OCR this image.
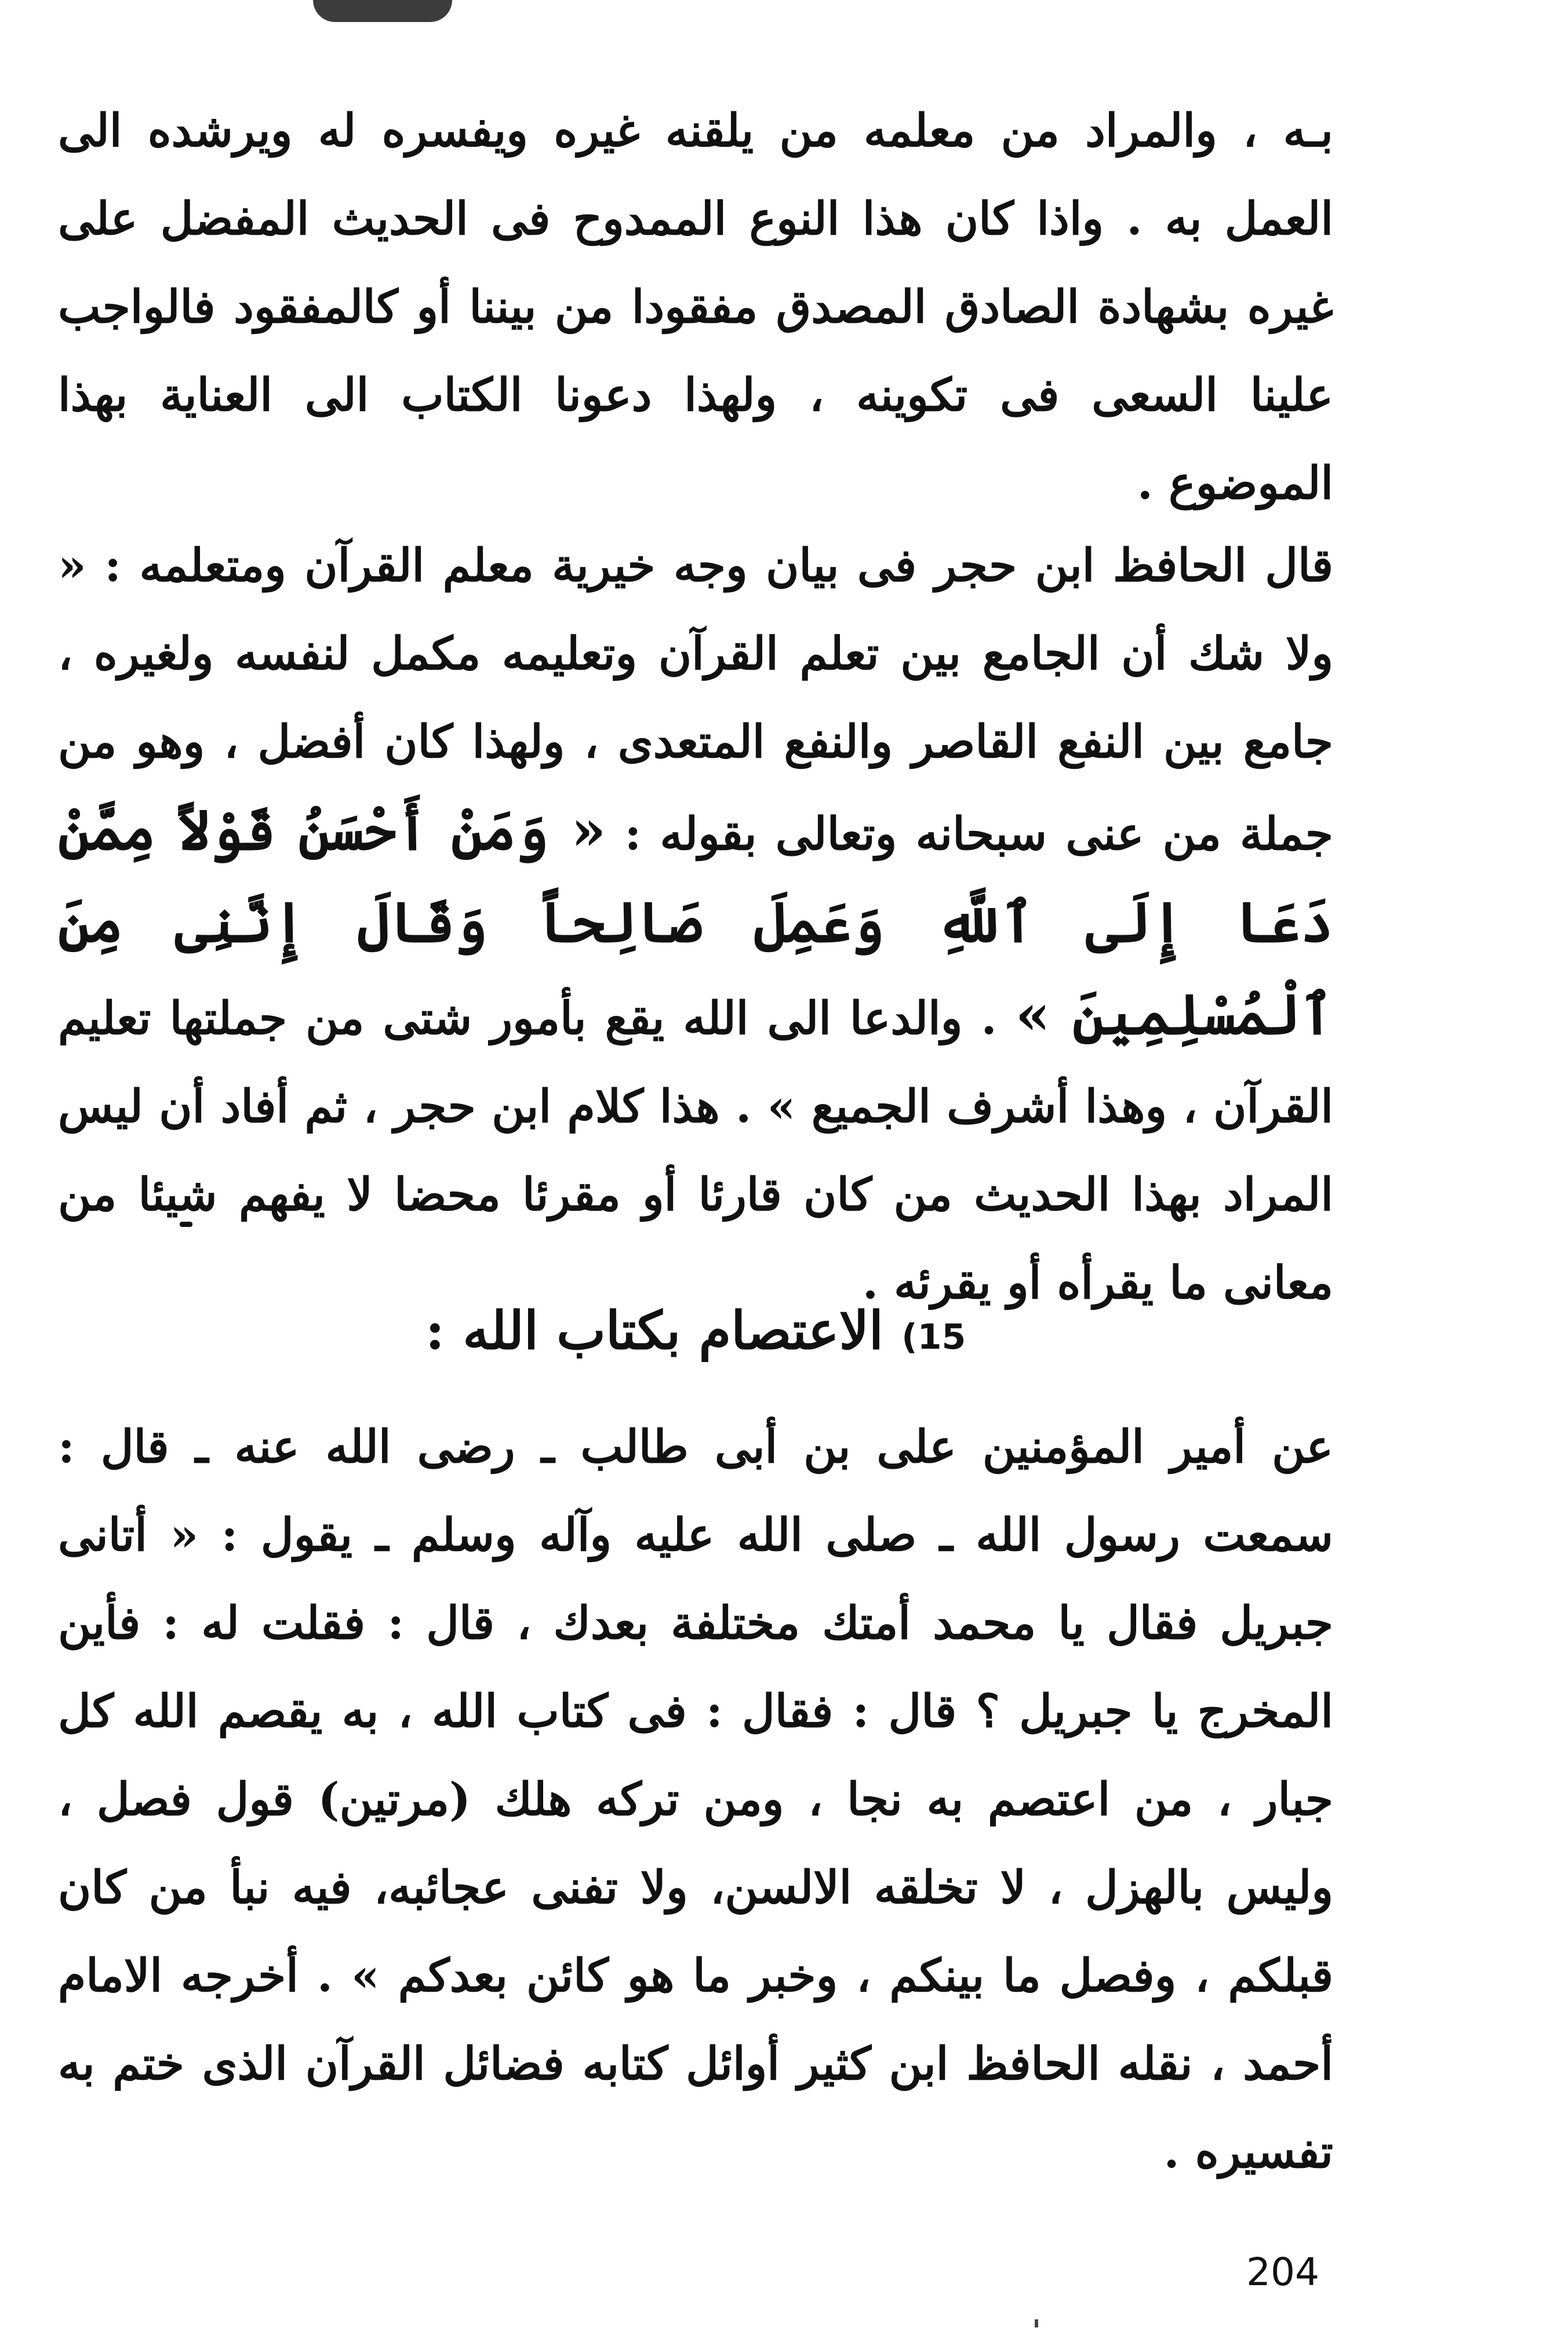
بـه ، والمراد من معلمه من يلقنه غيره ويفسره له ويرشده الى العمل به . واذا كان هذا النوع الممدوح فى الحديث المفضل على غيره بشهادة الصادق المصدق مفقودا من بيننا أو كالمفقود فالواجب علينا السعى فى تكوينه ، ولهذا دعونا الكتاب الى العناية بهذا الموضوع .

قال الحافظ ابن حجر فى بيان وجه خيرية معلم القرآن ومتعلمه : « ولا شك أن الجامع بين تعلم القرآن وتعليمه مكمل لنفسه ولغيره ، جامع بين النفع القاصر والنفع المتعدى ، ولهذا كان أفضل ، وهو من جملة من عنى سبحانه وتعالى بقوله : « وَمَنْ أَحْسَنُ قَوْلاً مِمَّنْ دَعَا إِلَى ٱللَّهِ وَعَمِلَ صَالِحاً وَقَالَ إِنَّنِى مِنَ ٱلْمُسْلِمِينَ » . والدعا الى الله يقع بأمور شتى من جملتها تعليم القرآن ، وهذا أشرف الجميع » . هذا كلام ابن حجر ، ثم أفاد أن ليس المراد بهذا الحديث من كان قارئا أو مقرئا محضا لا يفهم شيئا من معانى ما يقرأه أو يقرئه .

15) الاعتصام بكتاب الله :

عن أمير المؤمنين على بن أبى طالب ـ رضى الله عنه ـ قال : سمعت رسول الله ـ صلى الله عليه وآله وسلم ـ يقول : « أتانى جبريل فقال يا محمد أمتك مختلفة بعدك ، قال : فقلت له : فأين المخرج يا جبريل ؟ قال : فقال : فى كتاب الله ، به يقصم الله كل جبار ، من اعتصم به نجا ، ومن تركه هلك (مرتين) قول فصل ، وليس بالهزل ، لا تخلقه الالسن، ولا تفنى عجائبه، فيه نبأ من كان قبلكم ، وفصل ما بينكم ، وخبر ما هو كائن بعدكم » . أخرجه الامام أحمد ، نقله الحافظ ابن كثير أوائل كتابه فضائل القرآن الذى ختم به تفسيره .

204
